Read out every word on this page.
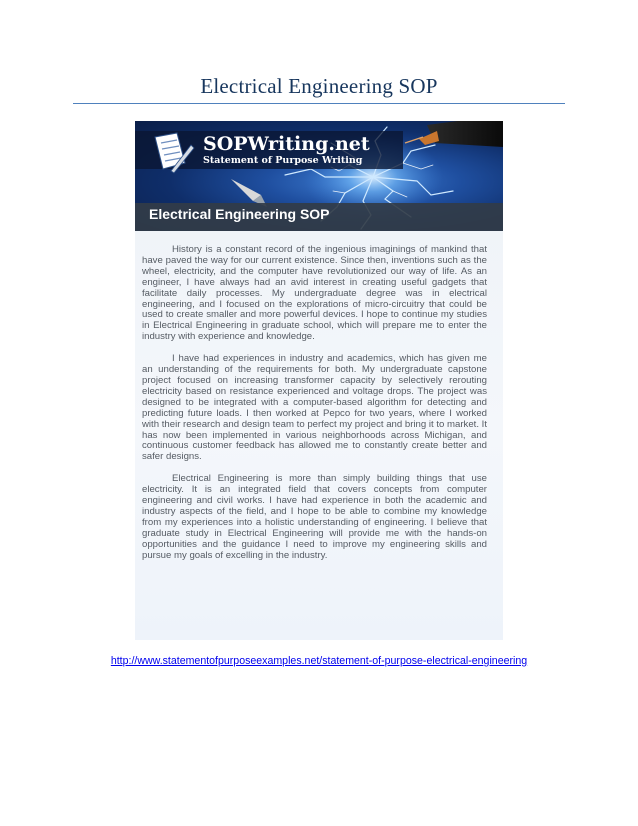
Electrical Engineering SOP
SOPWriting.net
Statement of Purpose Writing
Electrical Engineering SOP

History is a constant record of the ingenious imaginings of mankind that have paved the way for our current existence. Since then, inventions such as the wheel, electricity, and the computer have revolutionized our way of life. As an engineer, I have always had an avid interest in creating useful gadgets that facilitate daily processes. My undergraduate degree was in electrical engineering, and I focused on the explorations of micro-circuitry that could be used to create smaller and more powerful devices. I hope to continue my studies in Electrical Engineering in graduate school, which will prepare me to enter the industry with experience and knowledge.

I have had experiences in industry and academics, which has given me an understanding of the requirements for both. My undergraduate capstone project focused on increasing transformer capacity by selectively rerouting electricity based on resistance experienced and voltage drops. The project was designed to be integrated with a computer-based algorithm for detecting and predicting future loads. I then worked at Pepco for two years, where I worked with their research and design team to perfect my project and bring it to market. It has now been implemented in various neighborhoods across Michigan, and continuous customer feedback has allowed me to constantly create better and safer designs.

Electrical Engineering is more than simply building things that use electricity. It is an integrated field that covers concepts from computer engineering and civil works. I have had experience in both the academic and industry aspects of the field, and I hope to be able to combine my knowledge from my experiences into a holistic understanding of engineering. I believe that graduate study in Electrical Engineering will provide me with the hands-on opportunities and the guidance I need to improve my engineering skills and pursue my goals of excelling in the industry.

http://www.statementofpurposeexamples.net/statement-of-purpose-electrical-engineering
